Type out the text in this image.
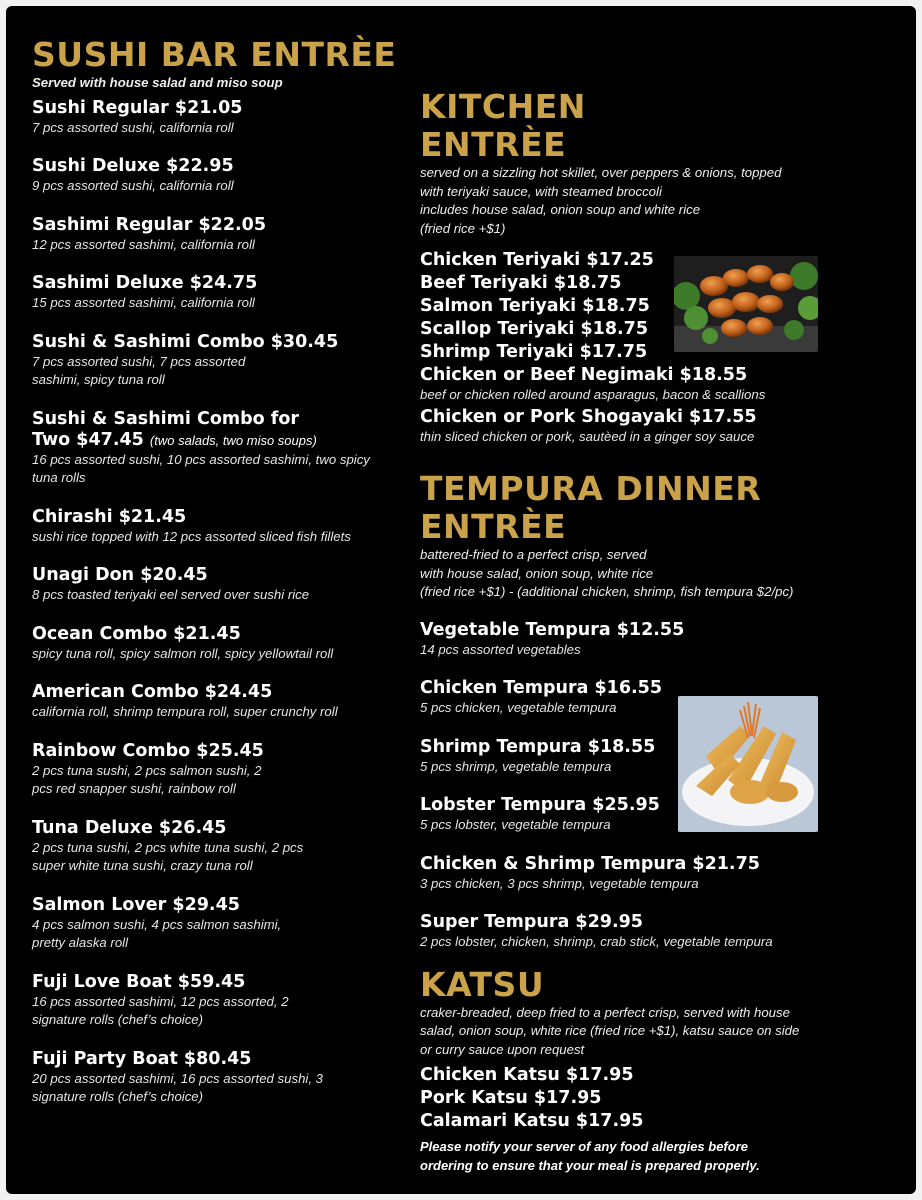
SUSHI BAR ENTRÈE

Served with house salad and miso soup

Sushi Regular $21.05

7 pcs assorted sushi, california roll

Sushi Deluxe $22.95

9 pcs assorted sushi, california roll

Sashimi Regular $22.05

12 pcs assorted sashimi, california roll

Sashimi Deluxe $24.75

15 pcs assorted sashimi, california roll

Sushi & Sashimi Combo $30.45

7 pcs assorted sushi, 7 pcs assorted sashimi, spicy tuna roll

Sushi & Sashimi Combo for Two $47.45 (two salads, two miso soups)

16 pcs assorted sushi, 10 pcs assorted sashimi, two spicy tuna rolls

Chirashi $21.45

sushi rice topped with 12 pcs assorted sliced fish fillets

Unagi Don $20.45

8 pcs toasted teriyaki eel served over sushi rice

Ocean Combo $21.45

spicy tuna roll, spicy salmon roll, spicy yellowtail roll

American Combo $24.45

california roll, shrimp tempura roll, super crunchy roll

Rainbow Combo $25.45

2 pcs tuna sushi, 2 pcs salmon sushi, 2 pcs red snapper sushi, rainbow roll

Tuna Deluxe $26.45

2 pcs tuna sushi, 2 pcs white tuna sushi, 2 pcs super white tuna sushi, crazy tuna roll

Salmon Lover $29.45

4 pcs salmon sushi, 4 pcs salmon sashimi, pretty alaska roll

Fuji Love Boat $59.45

16 pcs assorted sashimi, 12 pcs assorted, 2 signature rolls (chef’s choice)

Fuji Party Boat $80.45

20 pcs assorted sashimi, 16 pcs assorted sushi, 3 signature rolls (chef’s choice)

KITCHEN
ENTRÈE

served on a sizzling hot skillet, over peppers & onions, topped

with teriyaki sauce, with steamed broccoli

includes house salad, onion soup and white rice

(fried rice +$1)

Chicken Teriyaki $17.25

Beef Teriyaki $18.75

Salmon Teriyaki $18.75

Scallop Teriyaki $18.75

Shrimp Teriyaki $17.75

Chicken or Beef Negimaki $18.55

beef or chicken rolled around asparagus, bacon & scallions

Chicken or Pork Shogayaki $17.55

thin sliced chicken or pork, sautèed in a ginger soy sauce

TEMPURA DINNER
ENTRÈE

battered-fried to a perfect crisp, served

with house salad, onion soup, white rice

(fried rice +$1) - (additional chicken, shrimp, fish tempura $2/pc)

Vegetable Tempura $12.55

14 pcs assorted vegetables

Chicken Tempura $16.55

5 pcs chicken, vegetable tempura

Shrimp Tempura $18.55

5 pcs shrimp, vegetable tempura

Lobster Tempura $25.95

5 pcs lobster, vegetable tempura

Chicken & Shrimp Tempura $21.75

3 pcs chicken, 3 pcs shrimp, vegetable tempura

Super Tempura $29.95

2 pcs lobster, chicken, shrimp, crab stick, vegetable tempura

KATSU

craker-breaded, deep fried to a perfect crisp, served with house

salad, onion soup, white rice (fried rice +$1), katsu sauce on side

or curry sauce upon request

Chicken Katsu $17.95

Pork Katsu $17.95

Calamari Katsu $17.95

Please notify your server of any food allergies before
ordering to ensure that your meal is prepared properly.
